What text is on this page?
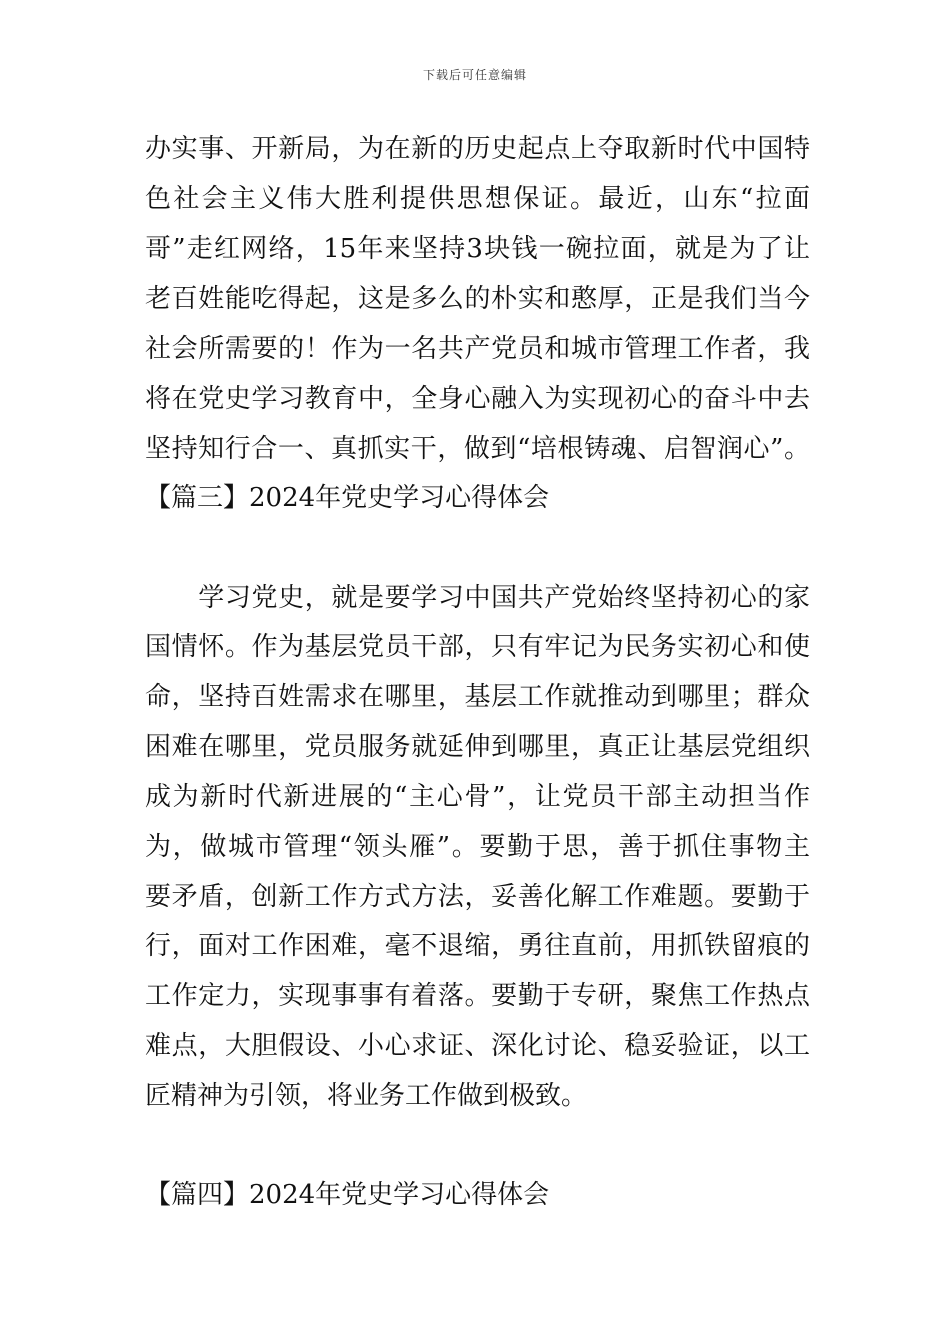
下载后可任意编辑
办实事、开新局，为在新的历史起点上夺取新时代中国特
色社会主义伟大胜利提供思想保证。最近，山东“拉面
哥”走红网络，15年来坚持3块钱一碗拉面，就是为了让
老百姓能吃得起，这是多么的朴实和憨厚，正是我们当今
社会所需要的！作为一名共产党员和城市管理工作者，我
将在党史学习教育中，全身心融入为实现初心的奋斗中去
坚持知行合一、真抓实干，做到“培根铸魂、启智润心”。
【篇三】2024年党史学习心得体会
　　学习党史，就是要学习中国共产党始终坚持初心的家
国情怀。作为基层党员干部，只有牢记为民务实初心和使
命，坚持百姓需求在哪里，基层工作就推动到哪里；群众
困难在哪里，党员服务就延伸到哪里，真正让基层党组织
成为新时代新进展的“主心骨”，让党员干部主动担当作
为，做城市管理“领头雁”。要勤于思，善于抓住事物主
要矛盾，创新工作方式方法，妥善化解工作难题。要勤于
行，面对工作困难，毫不退缩，勇往直前，用抓铁留痕的
工作定力，实现事事有着落。要勤于专研，聚焦工作热点
难点，大胆假设、小心求证、深化讨论、稳妥验证，以工
匠精神为引领，将业务工作做到极致。
【篇四】2024年党史学习心得体会
